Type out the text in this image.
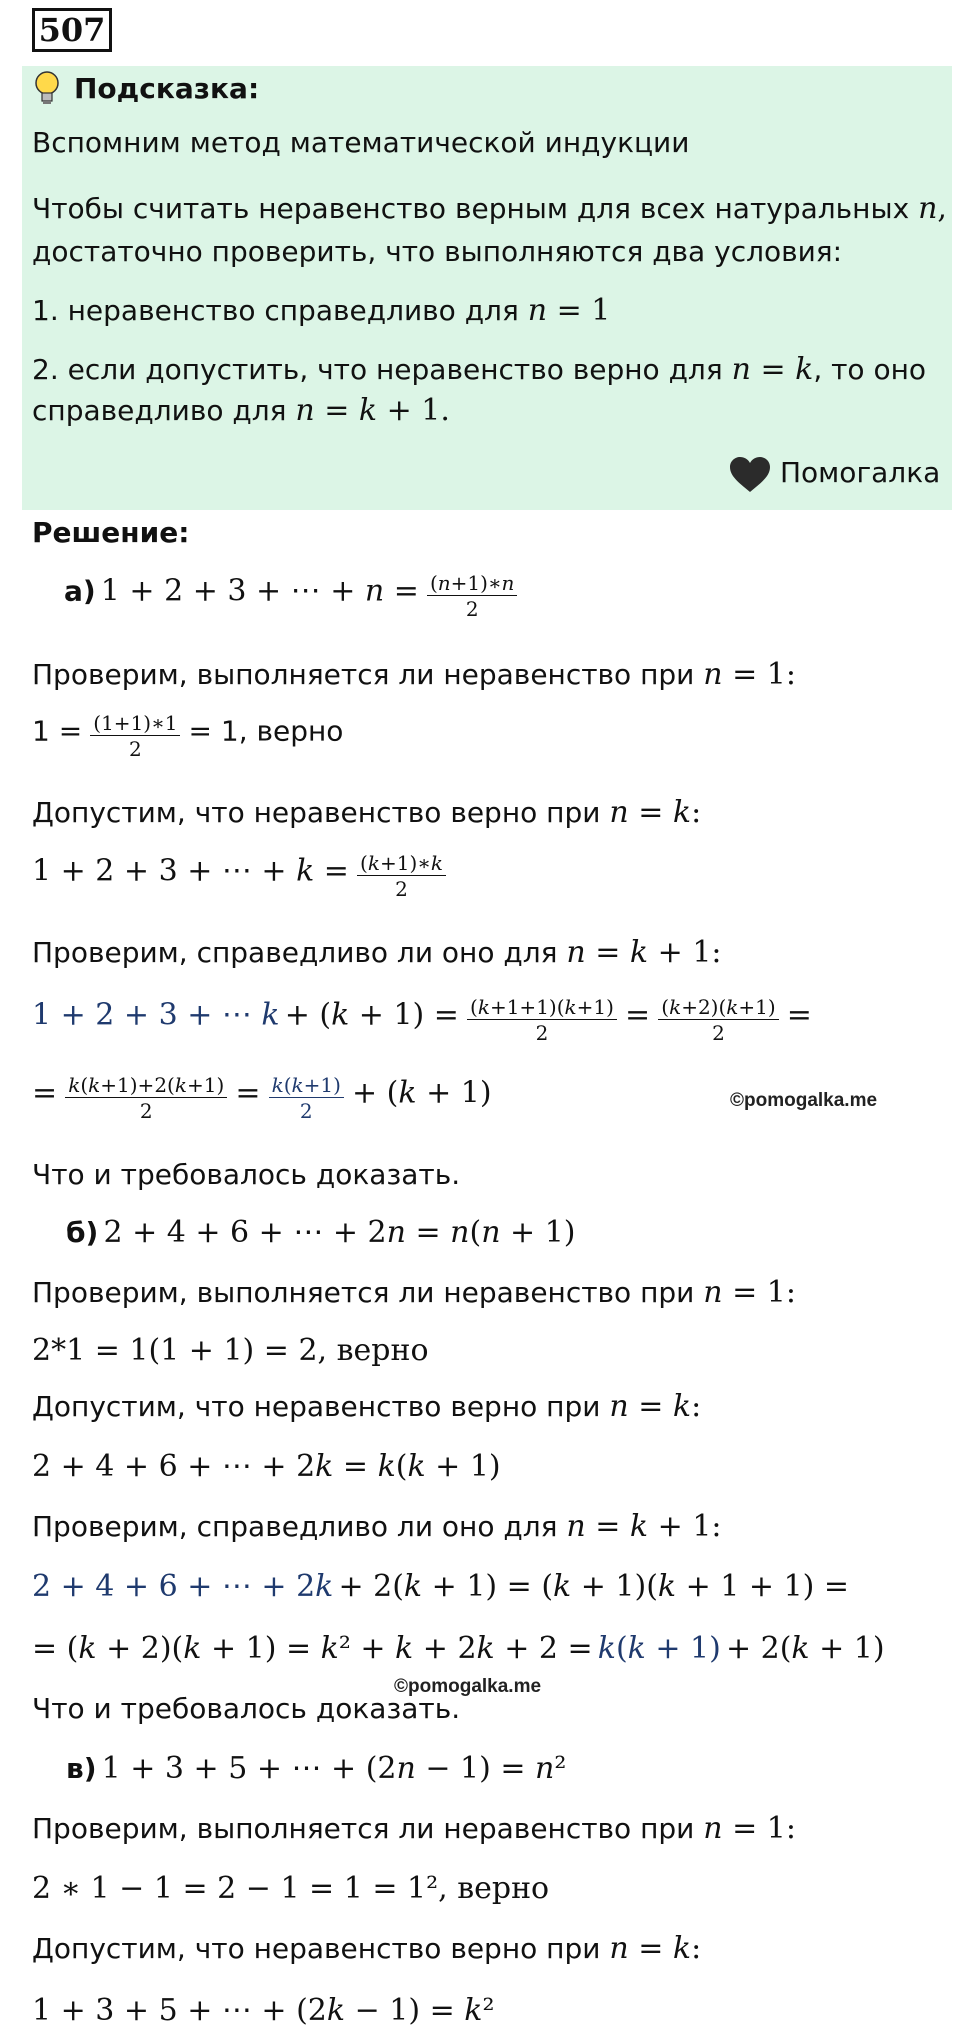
507
Подсказка:
Вспомним метод математической индукции
Чтобы считать неравенство верным для всех натуральных 𝑛,
достаточно проверить, что выполняются два условия:
1. неравенство справедливо для 𝑛 = 1
2. если допустить, что неравенство верно для 𝑛 = 𝑘, то оно
справедливо для 𝑛 = 𝑘 + 1.
Помогалка
Решение:
а) 1 + 2 + 3 + ⋯ + 𝑛 = $\frac{\text{(𝑛+1)∗𝑛}}{2}$
Проверим, выполняется ли неравенство при 𝑛 = 1:
$1 = \frac{(1+1)∗1}{2} = 1$, верно
Допустим, что неравенство верно при 𝑛 = 𝑘:
1 + 2 + 3 + ⋯ + 𝑘 = $\frac{\text{(𝑘+1)∗𝑘}}{2}$
Проверим, справедливо ли оно для 𝑛 = 𝑘 + 1:
1 + 2 + 3 + ⋯ 𝑘 + (𝑘 + $1) = \frac{\text{(𝑘+1+1)(𝑘+1)}}{2} = \frac{\text{(𝑘+2)(𝑘+1)}}{2}$ =
= $\frac{\text{𝑘(𝑘+1)+2(𝑘+1)}}{2} = \frac{\text{𝑘(𝑘+1)}}{2}$ + (𝑘 + 1)	©pomogalka.me
Что и требовалось доказать.
б) 2 + 4 + 6 + ⋯ + 2𝑛 = 𝑛(𝑛 + 1)
Проверим, выполняется ли неравенство при 𝑛 = 1:
2*1 = 1(1 + 1) = 2, верно
Допустим, что неравенство верно при 𝑛 = 𝑘:
2 + 4 + 6 + ⋯ + 2𝑘 = 𝑘(𝑘 + 1)
Проверим, справедливо ли оно для 𝑛 = 𝑘 + 1:
2 + 4 + 6 + ⋯ + 2𝑘 + 2(𝑘 + 1) = (𝑘 + 1)(𝑘 + 1 + 1) =
= (𝑘 + 2)(𝑘 + 1) = 𝑘² + 𝑘 + 2𝑘 + 2 = 𝑘(𝑘 + 1) + 2(𝑘 + 1)
©pomogalka.me
Что и требовалось доказать.
в) 1 + 3 + 5 + ⋯ + (2𝑛 − 1) = 𝑛²
Проверим, выполняется ли неравенство при 𝑛 = 1:
2 ∗ 1 − 1 = 2 − 1 = 1 = 1², верно
Допустим, что неравенство верно при 𝑛 = 𝑘:
1 + 3 + 5 + ⋯ + (2𝑘 − 1) = 𝑘²
